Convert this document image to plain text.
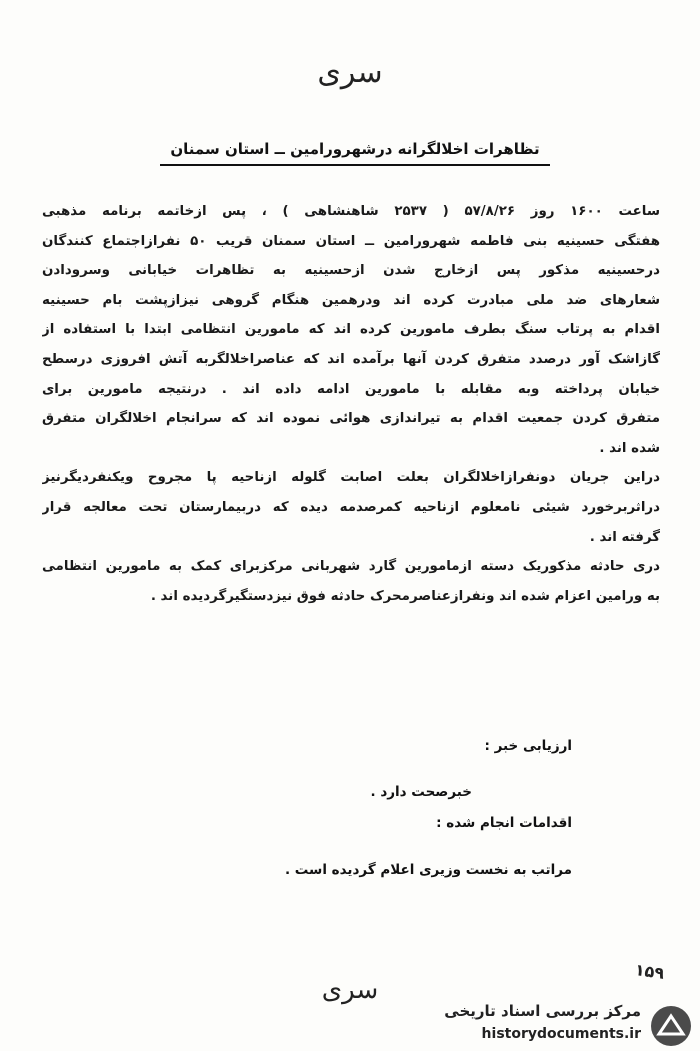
سری
تظاهرات اخلالگرانه درشهرورامین ــ استان سمنان
ساعت ۱۶۰۰ روز ۵۷/۸/۲۶ ( ۲۵۳۷ شاهنشاهی ) ، پس ازخاتمه برنامه مذهبی
هفتگی حسینیه بنی فاطمه شهرورامین ــ استان سمنان قریب ۵۰ نفرازاجتماع کنندگان
درحسینیه مذکور پس ازخارج شدن ازحسینیه به تظاهرات خیابانی وسرودادن
شعارهای ضد ملی مبادرت کرده اند ودرهمین هنگام گروهی نیزازپشت بام حسینیه
اقدام به پرتاب سنگ بطرف مامورین کرده اند که مامورین انتظامی ابتدا با استفاده از
گازاشک آور درصدد متفرق کردن آنها برآمده اند که عناصراخلالگربه آتش افروزی درسطح
خیابان پرداخته وبه مقابله با مامورین ادامه داده اند . درنتیجه مامورین برای
متفرق کردن جمعیت اقدام به تیراندازی هوائی نموده اند که سرانجام اخلالگران متفرق
شده اند .
دراین جریان دونفرازاخلالگران بعلت اصابت گلوله ازناحیه پا مجروح ویکنفردیگرنیز
دراثربرخورد شیئی نامعلوم ازناحیه کمرصدمه دیده که دربیمارستان تحت معالجه قرار
گرفته اند .
دری حادثه مذکوریک دسته ازمامورین گارد شهربانی مرکزبرای کمک به مامورین انتظامی
به ورامین اعزام شده اند ونفرازعناصرمحرک حادثه فوق نیزدستگیرگردیده اند .
ارزیابی خبر :
خبرصحت دارد .
اقدامات انجام شده :
مراتب به نخست وزیری اعلام گردیده است .
۱۵۹
سری
مرکز بررسی اسناد تاریخی
historydocuments.ir
